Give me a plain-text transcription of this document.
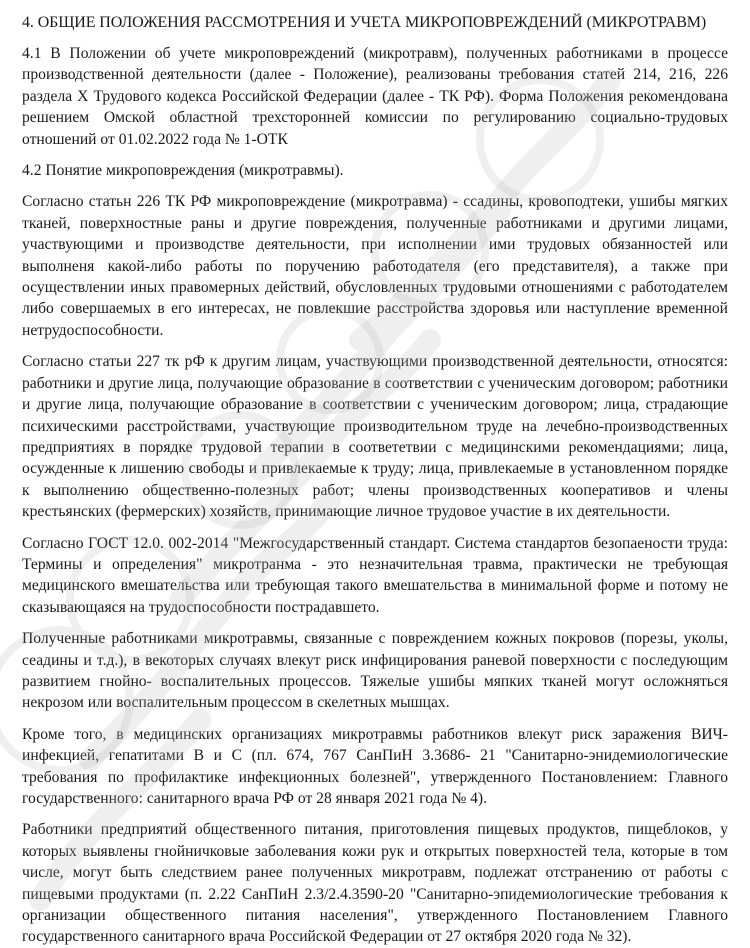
4. ОБЩИЕ ПОЛОЖЕНИЯ РАССМОТРЕНИЯ И УЧЕТА МИКРОПОВРЕЖДЕНИЙ (МИКРОТРАВМ)

4.1 В Положении об учете микроповреждений (микротравм), полученных работниками в процессе производственной деятельности (далее - Положение), реализованы требования статей 214, 216, 226 раздела X Трудового кодекса Российской Федерации (далее - ТК РФ). Форма Положения рекомендована решением Омской областной трехсторонней комиссии по регулированию социально-трудовых отношений от 01.02.2022 года № 1-ОТК

4.2 Понятие микроповреждения (микротравмы).

Согласно статьн 226 ТК РФ микроповреждение (микротравма) - ссадины, кровоподтеки, ушибы мягких тканей, поверхностные раны и другие повреждения, полученные работниками и другими лицами, участвующими и производстве деятельности, при исполнении ими трудовых обязанностей или выполненя какой-либо работы по поручению работодателя (его представителя), а также при осуществлении иных правомерных действий, обусловленных трудовыми отношениями с работодателем либо совершаемых в его интересах, не повлекшие расстройства здоровья или наступление временной нетрудоспособности.

Согласно статьи 227 тк рФ к другим лицам, участвующими производственной деятельности, относятся: работники и другие лица, получающие образование в соответствии с ученическим договором; работники и другие лица, получающие образование в соответствии с ученическим договором; лица, страдающие психическими расстройствами, участвующие производительном труде на лечебно-производственных предприятиях в порядке трудовой терапии в соответетвии с медицинскими рекомендациями; лица, осужденные к лишению свободы и привлекаемые к труду; лица, привлекаемые в установленном порядке к выполнению общественно-полезных работ; члены производственных кооперативов и члены крестьянских (фермерских) хозяйств, принимающие личное трудовое участие в их деятельности.

Согласно ГОСТ 12.0. 002-2014 "Межгосударственный стандарт. Система стандартов безопаености труда: Термины и определения" микротранма - это незначительная травма, практически не требующая медицинского вмешательства или требующая такого вмешательства в минимальной форме и потому не сказывающаяся на трудоспособности пострадавшето.

Полученные работниками микротравмы, связанные с повреждением кожных покровов (порезы, уколы, сеадины и т.д.), в векоторых случаях влекут риск инфицирования раневой поверхности с последующим развитием гнойно- воспалительных процессов. Тяжелые ушибы мяпких тканей могут осложняться некрозом или воспалительным процессом в скелетных мышцах.

Кроме того, в медицинских организациях микротравмы работников влекут риск заражения ВИЧ-инфекцией, гепатитами В и С (пл. 674, 767 СанПиН 3.3686- 21 "Санитарно-энидемиологические требования по профилактике инфекционных болезней", утвержденного Постановлением: Главного государственного: санитарного врача РФ от 28 января 2021 года № 4).

Работники предприятий общественного питания, приготовления пищевых продуктов, пищеблоков, у которых выявлены гнойничковые заболевания кожи рук и открытых поверхностей тела, которые в том числе, могут быть следствием ранее полученных микротравм, подлежат отстранению от работы с пищевыми продуктами (п. 2.22 СанПиН 2.3/2.4.3590-20 "Санитарно-эпидемиологические требования к организации общественного питания населения", утвержденного Постановлением Главного государственного санитарного врача Российской Федерации от 27 октября 2020 года № 32).
